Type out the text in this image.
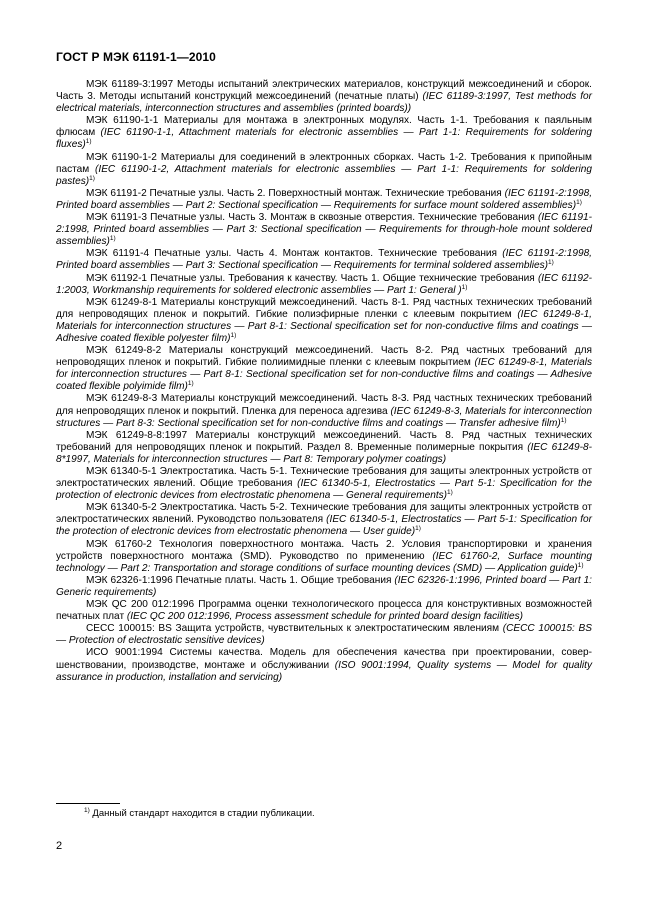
ГОСТ Р МЭК 61191-1—2010

МЭК 61189-3:1997 Методы испытаний электрических материалов, конструкций межсоединений и сборок. Часть 3. Методы испытаний конструкций межсоединений (печатные платы) (IEC 61189-3:1997, Test methods for electrical materials, interconnection structures and assemblies (printed boards))

МЭК 61190-1-1 Материалы для монтажа в электронных модулях. Часть 1-1. Требования к паяльным флюсам (IEC 61190-1-1, Attachment materials for electronic assemblies — Part 1-1: Requirements for soldering fluxes)$^{1)}$

МЭК 61190-1-2 Материалы для соединений в электронных сборках. Часть 1-2. Требования к припойным пастам (IEC 61190-1-2, Attachment materials for electronic assemblies — Part 1-1: Requirements for soldering pastes)$^{1)}$

МЭК 61191-2 Печатные узлы. Часть 2. Поверхностный монтаж. Технические требования (IEC 61191-2:1998, Printed board assemblies — Part 2: Sectional specification — Requirements for surface mount soldered assemblies)$^{1)}$

МЭК 61191-3 Печатные узлы. Часть 3. Монтаж в сквозные отверстия. Технические требования (IEC 61191-2:1998, Printed board assemblies — Part 3: Sectional specification — Requirements for through-hole mount soldered assemblies)$^{1)}$

МЭК 61191-4 Печатные узлы. Часть 4. Монтаж контактов. Технические требования (IEC 61191-2:1998, Printed board assemblies — Part 3: Sectional specification — Requirements for terminal soldered assemblies)$^{1)}$

МЭК 61192-1 Печатные узлы. Требования к качеству. Часть 1. Общие технические требования (IEC 61192-1:2003, Workmanship requirements for soldered electronic assemblies — Part 1: General )$^{1)}$

МЭК 61249-8-1 Материалы конструкций межсоединений. Часть 8-1. Ряд частных технических требований для непроводящих пленок и покрытий. Гибкие полиэфирные пленки с клеевым покрытием (IEC 61249-8-1, Materials for interconnection structures — Part 8-1: Sectional specification set for non-conductive films and coatings — Adhesive coated flexible polyester film)$^{1)}$

МЭК 61249-8-2 Материалы конструкций межсоединений. Часть 8-2. Ряд частных требований для непроводящих пленок и покрытий. Гибкие полиимидные пленки с клеевым покрытием (IEC 61249-8-1, Materials for interconnection structures — Part 8-1: Sectional specification set for non-conductive films and coatings — Adhesive coated flexible polyimide film)$^{1)}$

МЭК 61249-8-3 Материалы конструкций межсоединений. Часть 8-3. Ряд частных технических требований для непроводящих пленок и покрытий. Пленка для переноса адгезива (IEC 61249-8-3, Materials for interconnection structures — Part 8-3: Sectional specification set for non-conductive films and coatings — Transfer adhesive film)$^{1)}$

МЭК 61249-8-8:1997 Материалы конструкций межсоединений. Часть 8. Ряд частных технических требований для непроводящих пленок и покрытий. Раздел 8. Временные полимерные покрытия (IEC 61249-8-8*1997, Materials for interconnection structures — Part 8: Temporary polymer coatings)

МЭК 61340-5-1 Электростатика. Часть 5-1. Технические требования для защиты электронных устройств от электростатических явлений. Общие требования (IEC 61340-5-1, Electrostatics — Part 5-1: Specification for the protection of electronic devices from electrostatic phenomena — General requirements)$^{1)}$

МЭК 61340-5-2 Электростатика. Часть 5-2. Технические требования для защиты электронных устройств от электростатических явлений. Руководство пользователя (IEC 61340-5-1, Electrostatics — Part 5-1: Specification for the protection of electronic devices from electrostatic phenomena — User guide)$^{1)}$

МЭК 61760-2 Технология поверхностного монтажа. Часть 2. Условия транспортировки и хранения устройств поверхностного монтажа (SMD). Руководство по применению (IEC 61760-2, Surface mounting technology — Part 2: Transportation and storage conditions of surface mounting devices (SMD) — Application guide)$^{1)}$

МЭК 62326-1:1996 Печатные платы. Часть 1. Общие требования (IEC 62326-1:1996, Printed board — Part 1: Generic requirements)

МЭК QC 200 012:1996 Программа оценки технологического процесса для конструктивных возможностей печатных плат (IEC QC 200 012:1996, Process assessment schedule for printed board design facilities)

CECC 100015: BS Защита устройств, чувствительных к электростатическим явлениям (CECC 100015: BS — Protection of electrostatic sensitive devices)

ИСО 9001:1994 Системы качества. Модель для обеспечения качества при проектировании, совершенствовании, производстве, монтаже и обслуживании (ISO 9001:1994, Quality systems — Model for quality assurance in production, installation and servicing)

$^{1)}$ Данный стандарт находится в стадии публикации.
2
